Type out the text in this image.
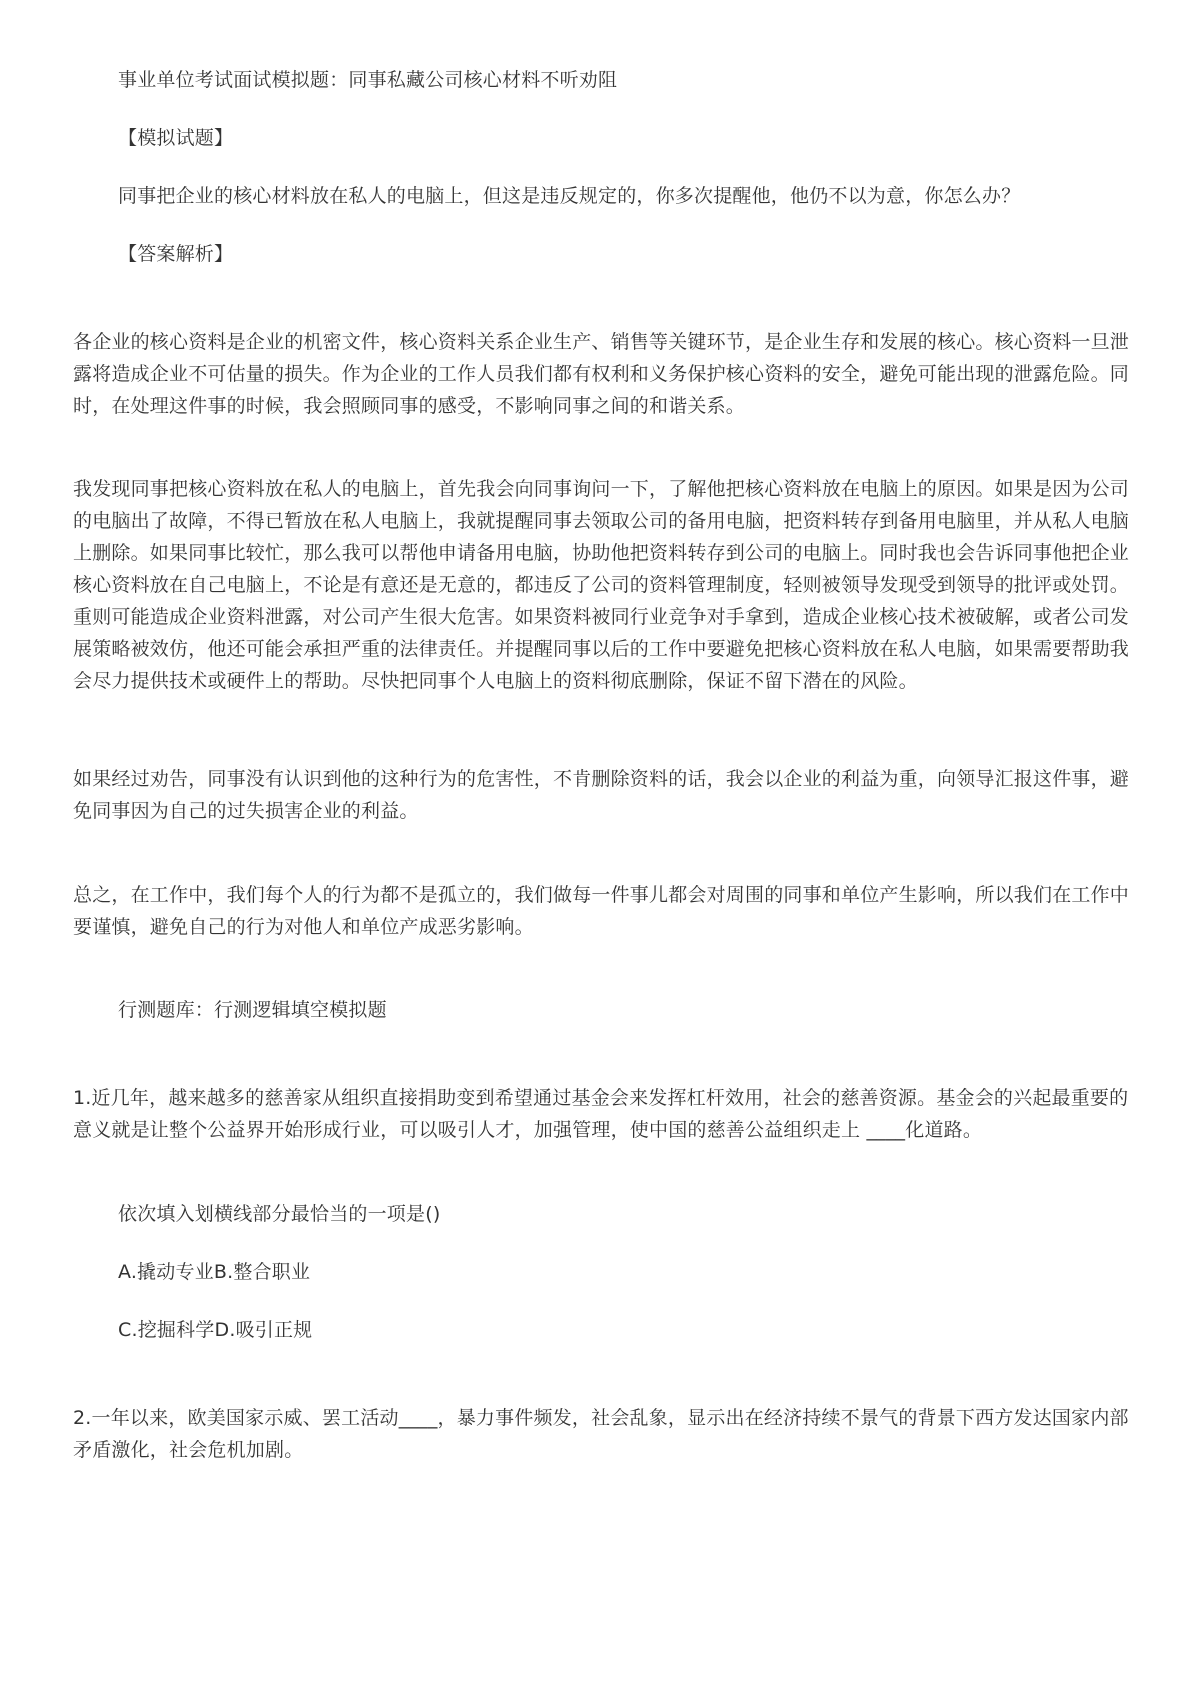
事业单位考试面试模拟题：同事私藏公司核心材料不听劝阻

【模拟试题】

同事把企业的核心材料放在私人的电脑上，但这是违反规定的，你多次提醒他，他仍不以为意，你怎么办？

【答案解析】

各企业的核心资料是企业的机密文件，核心资料关系企业生产、销售等关键环节，是企业生存和发展的核心。核心资料一旦泄露将造成企业不可估量的损失。作为企业的工作人员我们都有权利和义务保护核心资料的安全，避免可能出现的泄露危险。同时，在处理这件事的时候，我会照顾同事的感受，不影响同事之间的和谐关系。

我发现同事把核心资料放在私人的电脑上，首先我会向同事询问一下，了解他把核心资料放在电脑上的原因。如果是因为公司的电脑出了故障，不得已暂放在私人电脑上，我就提醒同事去领取公司的备用电脑，把资料转存到备用电脑里，并从私人电脑上删除。如果同事比较忙，那么我可以帮他申请备用电脑，协助他把资料转存到公司的电脑上。同时我也会告诉同事他把企业核心资料放在自己电脑上，不论是有意还是无意的，都违反了公司的资料管理制度，轻则被领导发现受到领导的批评或处罚。重则可能造成企业资料泄露，对公司产生很大危害。如果资料被同行业竞争对手拿到，造成企业核心技术被破解，或者公司发展策略被效仿，他还可能会承担严重的法律责任。并提醒同事以后的工作中要避免把核心资料放在私人电脑，如果需要帮助我会尽力提供技术或硬件上的帮助。尽快把同事个人电脑上的资料彻底删除，保证不留下潜在的风险。

如果经过劝告，同事没有认识到他的这种行为的危害性，不肯删除资料的话，我会以企业的利益为重，向领导汇报这件事，避免同事因为自己的过失损害企业的利益。

总之，在工作中，我们每个人的行为都不是孤立的，我们做每一件事儿都会对周围的同事和单位产生影响，所以我们在工作中要谨慎，避免自己的行为对他人和单位产成恶劣影响。

行测题库：行测逻辑填空模拟题

1.近几年，越来越多的慈善家从组织直接捐助变到希望通过基金会来发挥杠杆效用，社会的慈善资源。基金会的兴起最重要的意义就是让整个公益界开始形成行业，可以吸引人才，加强管理，使中国的慈善公益组织走上 ____化道路。

依次填入划横线部分最恰当的一项是()

A.撬动专业B.整合职业

C.挖掘科学D.吸引正规

2.一年以来，欧美国家示威、罢工活动____，暴力事件频发，社会乱象，显示出在经济持续不景气的背景下西方发达国家内部矛盾激化，社会危机加剧。
